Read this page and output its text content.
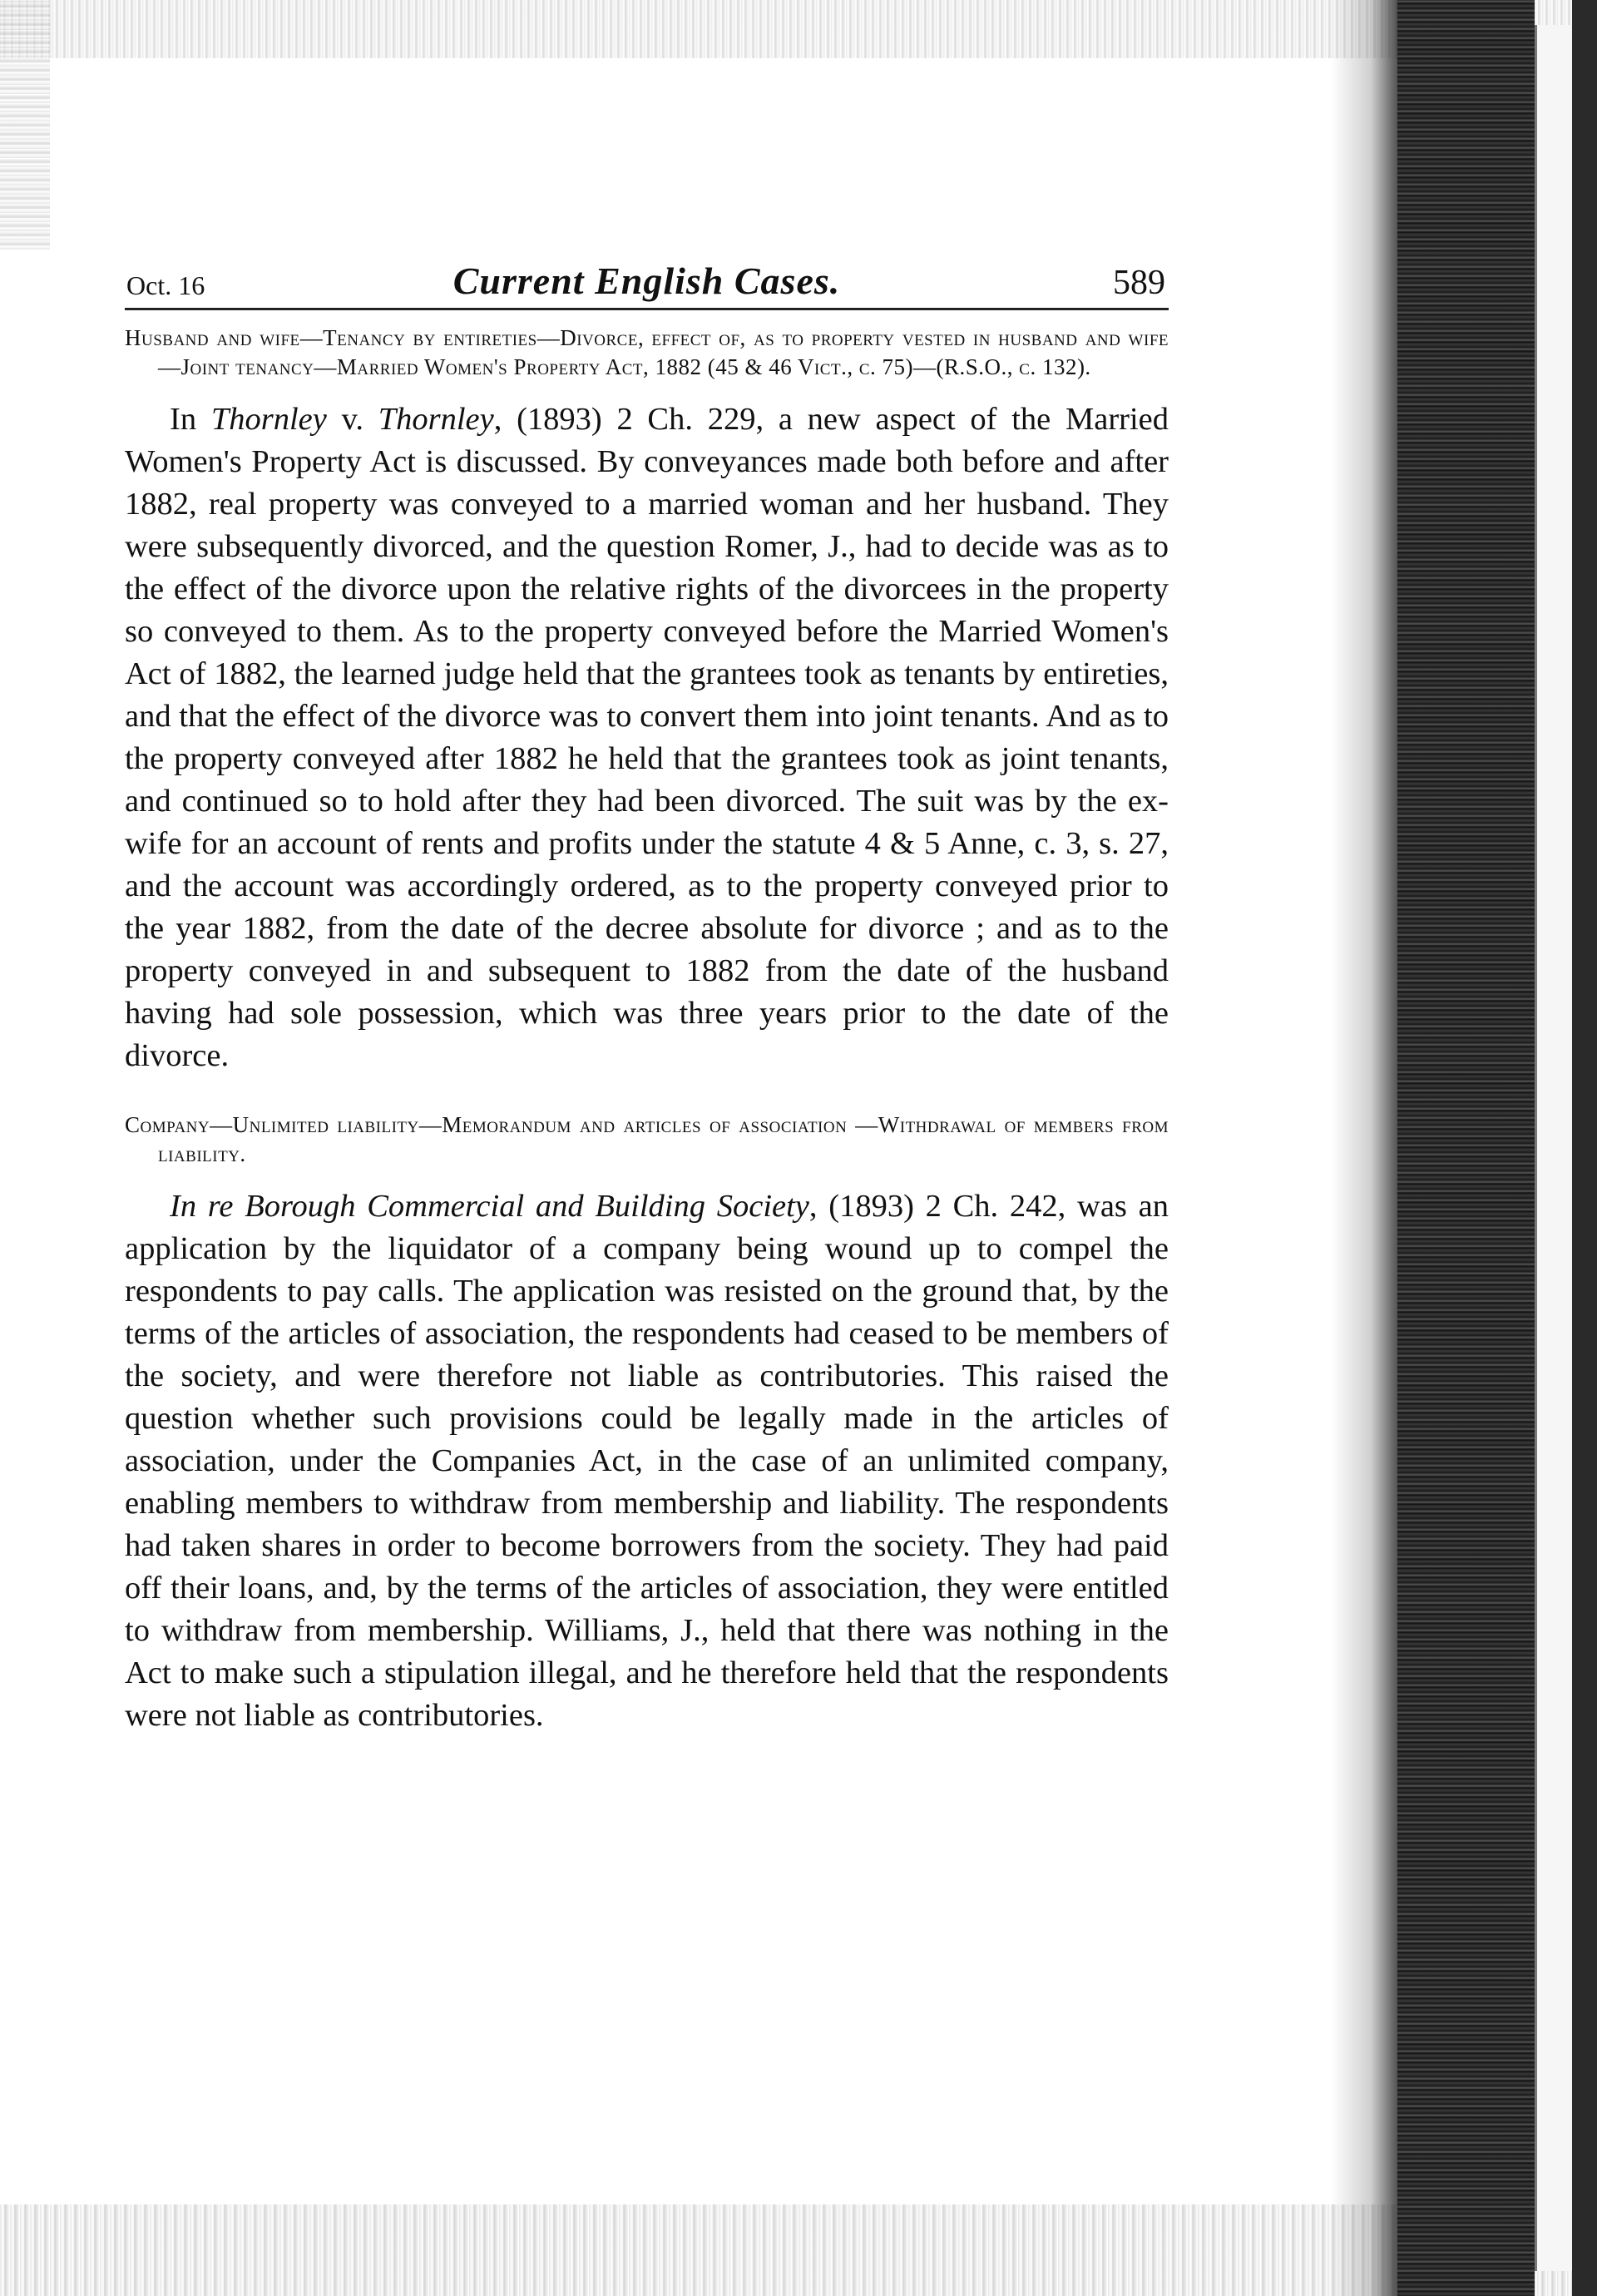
Oct. 16	Current English Cases.	589
Husband and wife—Tenancy by entireties—Divorce, effect of, as to property vested in husband and wife—Joint tenancy—Married Women's Property Act, 1882 (45 & 46 Vict., c. 75)—(R.S.O., c. 132).

In Thornley v. Thornley, (1893) 2 Ch. 229, a new aspect of the Married Women's Property Act is discussed. By conveyances made both before and after 1882, real property was conveyed to a married woman and her husband. They were subsequently divorced, and the question Romer, J., had to decide was as to the effect of the divorce upon the relative rights of the divorcees in the property so conveyed to them. As to the property conveyed before the Married Women's Act of 1882, the learned judge held that the grantees took as tenants by entireties, and that the effect of the divorce was to convert them into joint tenants. And as to the property conveyed after 1882 he held that the grantees took as joint tenants, and continued so to hold after they had been divorced. The suit was by the ex-wife for an account of rents and profits under the statute 4 & 5 Anne, c. 3, s. 27, and the account was accordingly ordered, as to the property conveyed prior to the year 1882, from the date of the decree absolute for divorce ; and as to the property conveyed in and subsequent to 1882 from the date of the husband having had sole possession, which was three years prior to the date of the divorce.

Company—Unlimited liability—Memorandum and articles of association —Withdrawal of members from liability.

In re Borough Commercial and Building Society, (1893) 2 Ch. 242, was an application by the liquidator of a company being wound up to compel the respondents to pay calls. The application was resisted on the ground that, by the terms of the articles of association, the respondents had ceased to be members of the society, and were therefore not liable as contributories. This raised the question whether such provisions could be legally made in the articles of association, under the Companies Act, in the case of an unlimited company, enabling members to withdraw from membership and liability. The respondents had taken shares in order to become borrowers from the society. They had paid off their loans, and, by the terms of the articles of association, they were entitled to withdraw from membership. Williams, J., held that there was nothing in the Act to make such a stipulation illegal, and he therefore held that the respondents were not liable as contributories.
